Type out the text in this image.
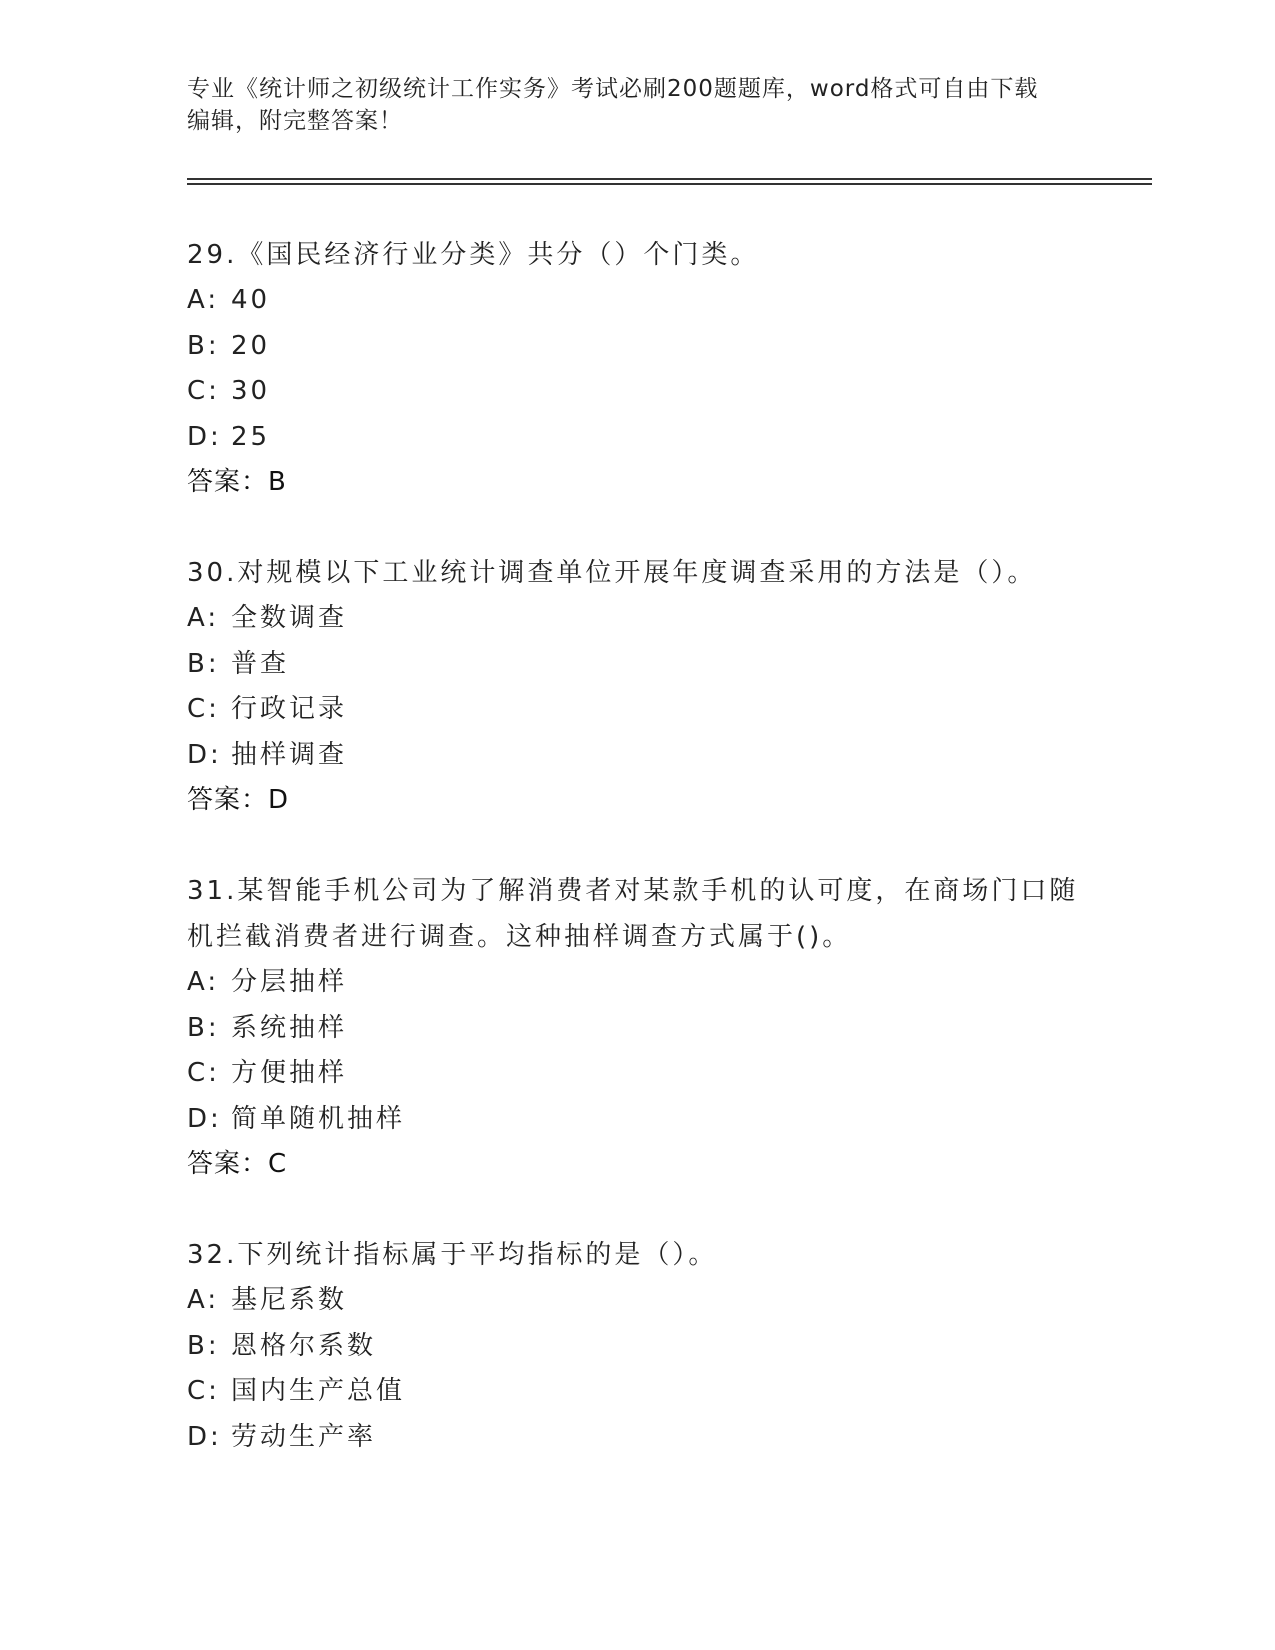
专业《统计师之初级统计工作实务》考试必刷200题题库，word格式可自由下载
编辑，附完整答案！

29.《国民经济行业分类》共分（）个门类。

A: 40
B: 20
C: 30
D: 25
答案：B

30.对规模以下工业统计调查单位开展年度调查采用的方法是（）。

A: 全数调查
B: 普查
C: 行政记录
D: 抽样调查
答案：D

31.某智能手机公司为了解消费者对某款手机的认可度，在商场门口随机拦截消费者进行调查。这种抽样调查方式属于()。

A: 分层抽样
B: 系统抽样
C: 方便抽样
D: 简单随机抽样
答案：C

32.下列统计指标属于平均指标的是（）。

A: 基尼系数
B: 恩格尔系数
C: 国内生产总值
D: 劳动生产率
